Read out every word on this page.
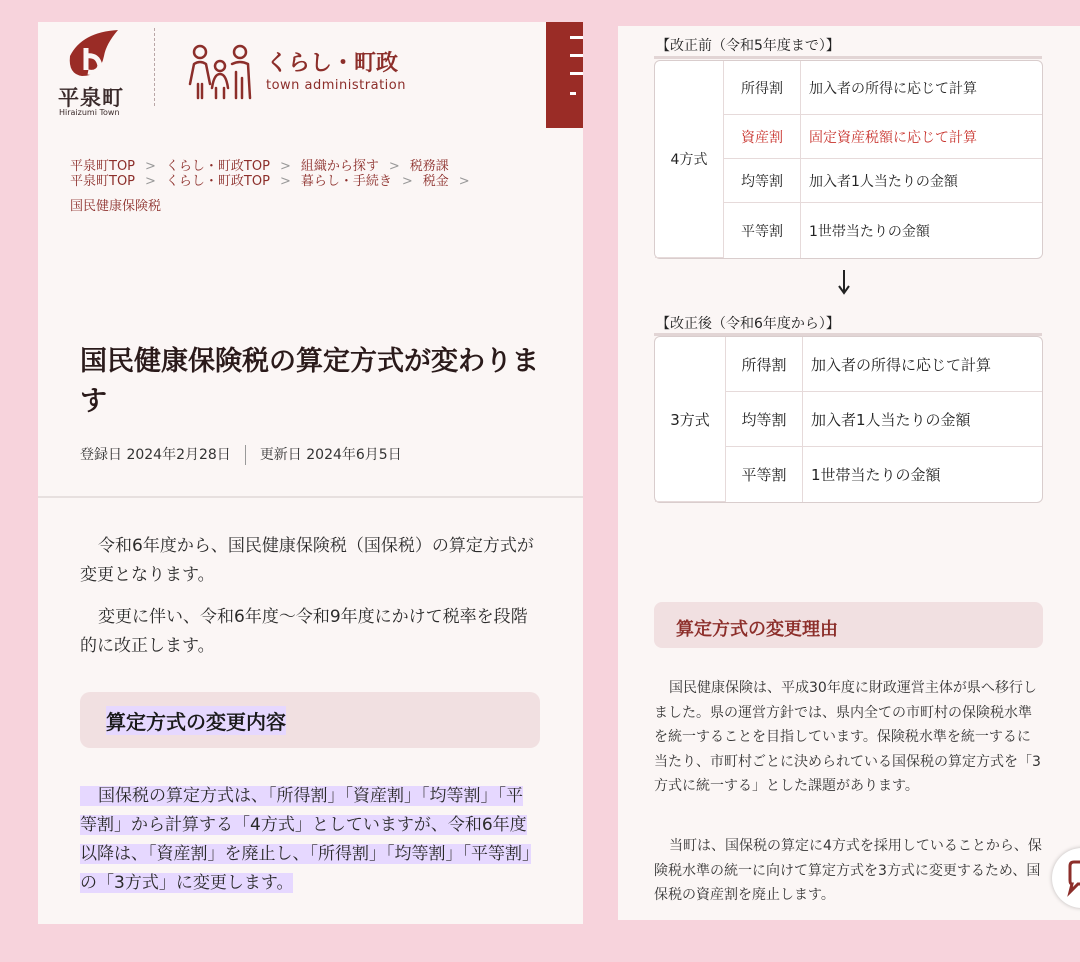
平泉町
Hiraizumi Town
くらし・町政
town administration
平泉町TOP > くらし・町政TOP > 組織から探す > 税務課
平泉町TOP > くらし・町政TOP > 暮らし・手続き > 税金 >
国民健康保険税
国民健康保険税の算定方式が変わります
登録日 2024年2月28日 更新日 2024年6月5日
令和6年度から、国民健康保険税（国保税）の算定方式が変更となります。
変更に伴い、令和6年度～令和9年度にかけて税率を段階的に改正します。
算定方式の変更内容
国保税の算定方式は、「所得割」「資産割」「均等割」「平等割」から計算する「4方式」としていますが、令和6年度以降は、「資産割」を廃止し、「所得割」「均等割」「平等割」の「3方式」に変更します。
【改正前（令和5年度まで）】
4方式	所得割	加入者の所得に応じて計算
	資産割	固定資産税額に応じて計算
	均等割	加入者1人当たりの金額
	平等割	1世帯当たりの金額
【改正後（令和6年度から）】
3方式	所得割	加入者の所得に応じて計算
	均等割	加入者1人当たりの金額
	平等割	1世帯当たりの金額
算定方式の変更理由
国民健康保険は、平成30年度に財政運営主体が県へ移行しました。県の運営方針では、県内全ての市町村の保険税水準を統一することを目指しています。保険税水準を統一するに当たり、市町村ごとに決められている国保税の算定方式を「3方式に統一する」とした課題があります。
当町は、国保税の算定に4方式を採用していることから、保険税水準の統一に向けて算定方式を3方式に変更するため、国保税の資産割を廃止します。
